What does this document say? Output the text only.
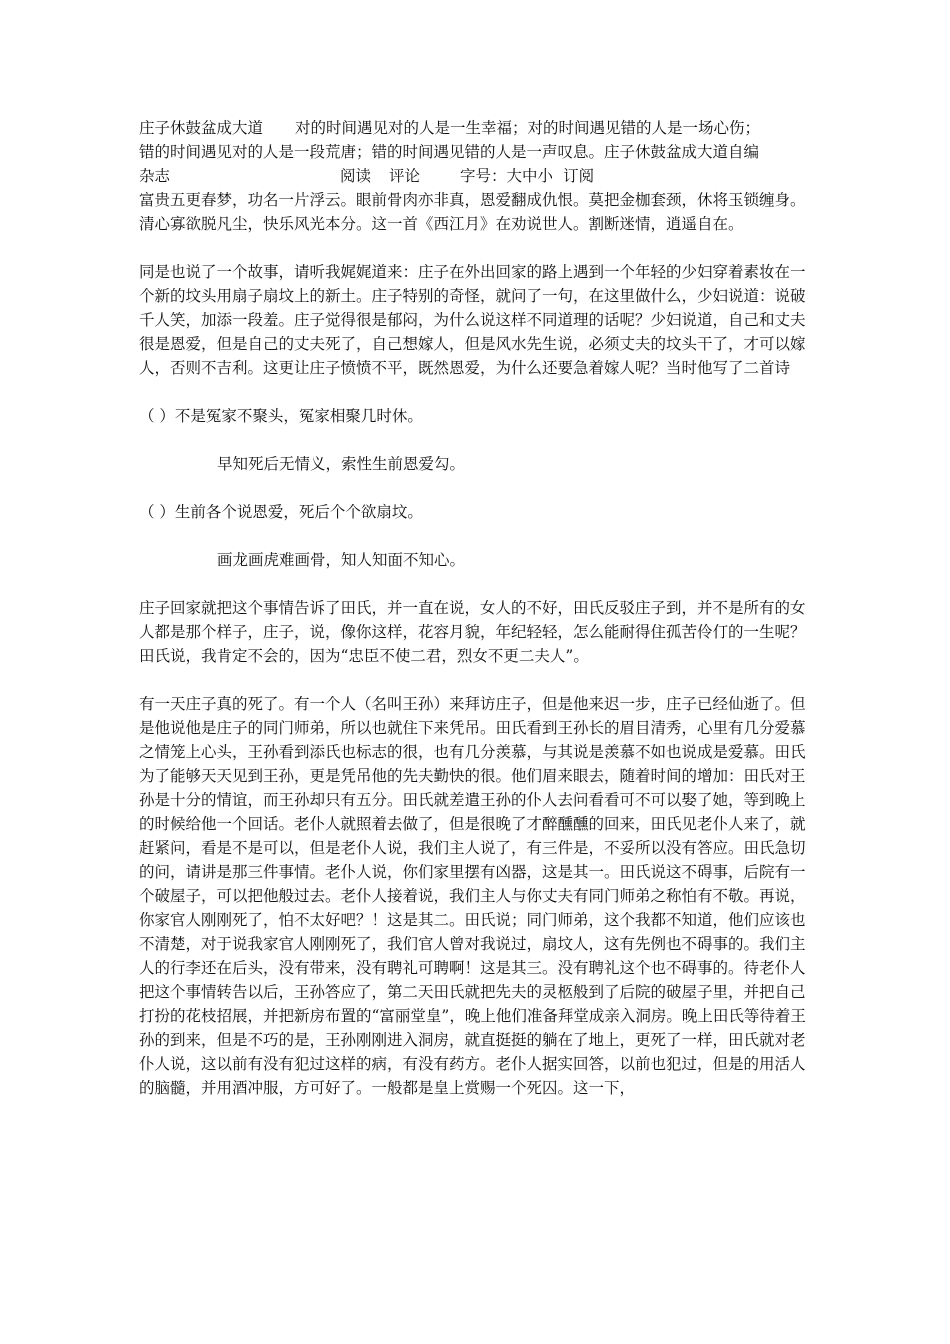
庄子休鼓盆成大道 对的时间遇见对的人是一生幸福；对的时间遇见错的人是一场心伤；

错的时间遇见对的人是一段荒唐；错的时间遇见错的人是一声叹息。庄子休鼓盆成大道自编

杂志	阅读 评论	字号：大中小 订阅

富贵五更春梦，功名一片浮云。眼前骨肉亦非真，恩爱翻成仇恨。莫把金枷套颈，休将玉锁缠身。清心寡欲脱凡尘，快乐风光本分。这一首《西江月》在劝说世人。割断迷情，逍遥自在。

同是也说了一个故事，请听我娓娓道来：庄子在外出回家的路上遇到一个年轻的少妇穿着素妆在一个新的坟头用扇子扇坟上的新土。庄子特别的奇怪，就问了一句，在这里做什么，少妇说道：说破千人笑，加添一段羞。庄子觉得很是郁闷，为什么说这样不同道理的话呢？少妇说道，自己和丈夫很是恩爱，但是自己的丈夫死了，自己想嫁人，但是风水先生说，必须丈夫的坟头干了，才可以嫁人，否则不吉利。这更让庄子愤愤不平，既然恩爱，为什么还要急着嫁人呢？当时他写了二首诗

（ ）不是冤家不聚头，冤家相聚几时休。

早知死后无情义，索性生前恩爱勾。

（ ）生前各个说恩爱，死后个个欲扇坟。

画龙画虎难画骨，知人知面不知心。

庄子回家就把这个事情告诉了田氏，并一直在说，女人的不好，田氏反驳庄子到，并不是所有的女人都是那个样子，庄子，说，像你这样，花容月貌，年纪轻轻，怎么能耐得住孤苦伶仃的一生呢？田氏说，我肯定不会的，因为“忠臣不使二君，烈女不更二夫人”。

有一天庄子真的死了。有一个人（名叫王孙）来拜访庄子，但是他来迟一步，庄子已经仙逝了。但是他说他是庄子的同门师弟，所以也就住下来凭吊。田氏看到王孙长的眉目清秀，心里有几分爱慕之情笼上心头，王孙看到添氏也标志的很，也有几分羡慕，与其说是羡慕不如也说成是爱慕。田氏为了能够天天见到王孙，更是凭吊他的先夫勤快的很。他们眉来眼去，随着时间的增加：田氏对王孙是十分的情谊，而王孙却只有五分。田氏就差遣王孙的仆人去问看看可不可以娶了她，等到晚上的时候给他一个回话。老仆人就照着去做了，但是很晚了才醉醺醺的回来，田氏见老仆人来了，就赶紧问，看是不是可以，但是老仆人说，我们主人说了，有三件是，不妥所以没有答应。田氏急切的问，请讲是那三件事情。老仆人说，你们家里摆有凶器，这是其一。田氏说这不碍事，后院有一个破屋子，可以把他般过去。老仆人接着说，我们主人与你丈夫有同门师弟之称怕有不敬。再说，你家官人刚刚死了，怕不太好吧？！这是其二。田氏说；同门师弟，这个我都不知道，他们应该也不清楚，对于说我家官人刚刚死了，我们官人曾对我说过，扇坟人，这有先例也不碍事的。我们主人的行李还在后头，没有带来，没有聘礼可聘啊！这是其三。没有聘礼这个也不碍事的。待老仆人把这个事情转告以后，王孙答应了，第二天田氏就把先夫的灵柩般到了后院的破屋子里，并把自己打扮的花枝招展，并把新房布置的“富丽堂皇”，晚上他们准备拜堂成亲入洞房。晚上田氏等待着王孙的到来，但是不巧的是，王孙刚刚进入洞房，就直挺挺的躺在了地上，更死了一样，田氏就对老仆人说，这以前有没有犯过这样的病，有没有药方。老仆人据实回答，以前也犯过，但是的用活人的脑髓，并用酒冲服，方可好了。一般都是皇上赏赐一个死囚。这一下，
